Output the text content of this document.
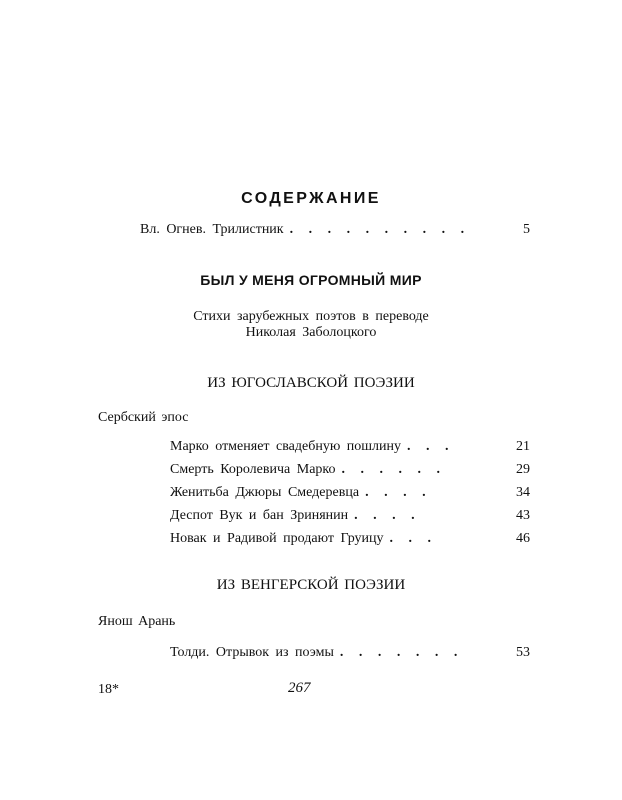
СОДЕРЖАНИЕ
Вл. Огнев. Трилистник . . . . . . . . . .	5
БЫЛ У МЕНЯ ОГРОМНЫЙ МИР
Стихи зарубежных поэтов в переводе
Николая Заболоцкого
ИЗ ЮГОСЛАВСКОЙ ПОЭЗИИ
Сербский эпос
Марко отменяет свадебную пошлину . . .	21
Смерть Королевича Марко . . . . . .	29
Женитьба Джюры Смедеревца . . . .	34
Деспот Вук и бан Зринянин . . . .	43
Новак и Радивой продают Груицу . . .	46
ИЗ ВЕНГЕРСКОЙ ПОЭЗИИ
Янош Арань
Толди. Отрывок из поэмы . . . . . . .	53
18*	267
